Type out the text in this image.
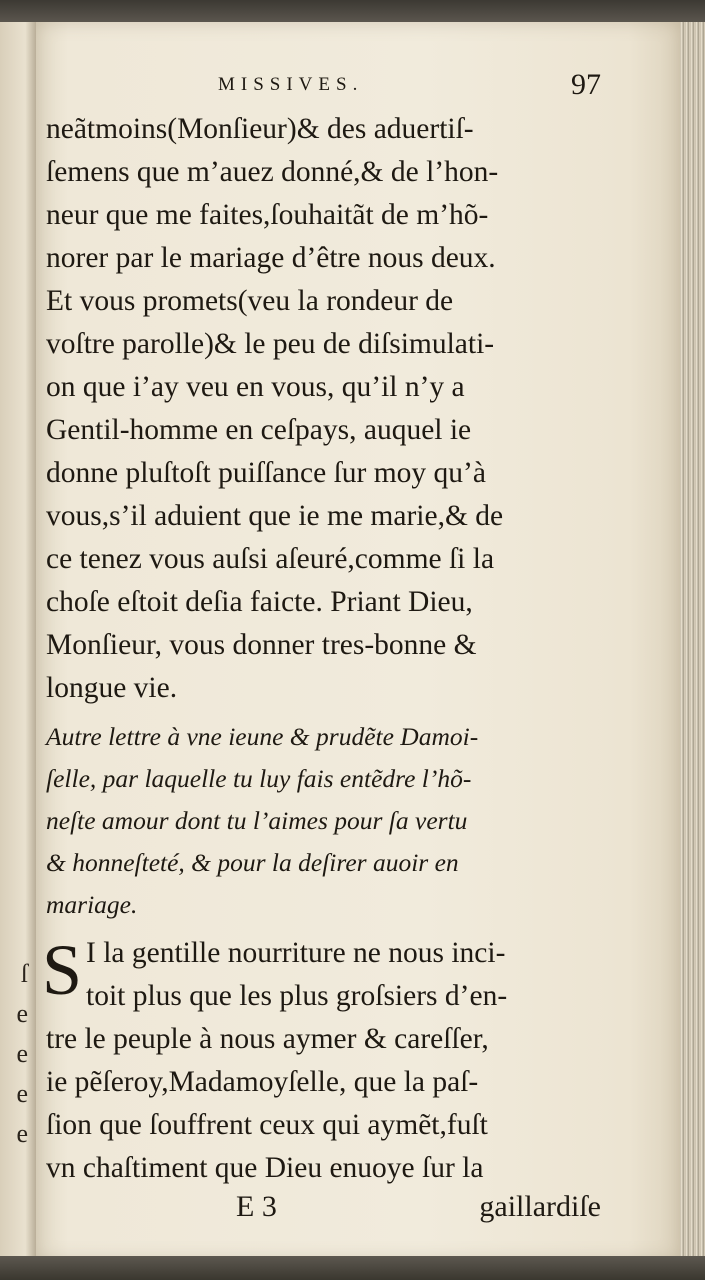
ſ
e
e
e
e
MISSIVES.	97
neãtmoins(Monſieur)& des aduertiſ-
ſemens que m’auez donné,& de l’hon-
neur que me faites,ſouhaitãt de m’hõ-
norer par le mariage d’être nous deux.
Et vous promets(veu la rondeur de
voſtre parolle)& le peu de diſsimulati-
on que i’ay veu en vous, qu’il n’y a
Gentil-homme en ceſpays, auquel ie
donne pluſtoſt puiſſance ſur moy qu’à
vous,s’il aduient que ie me marie,& de
ce tenez vous auſsi aſeuré,comme ſi la
choſe eſtoit deſia faicte. Priant Dieu,
Monſieur, vous donner tres-bonne &
longue vie.
Autre lettre à vne ieune & prudẽte Damoi-
ſelle, par laquelle tu luy fais entẽdre l’hõ-
neſte amour dont tu l’aimes pour ſa vertu
& honneſteté, & pour la deſirer auoir en
mariage.
S I la gentille nourriture ne nous inci-
toit plus que les plus groſsiers d’en-
tre le peuple à nous aymer & careſſer,
ie pẽſeroy,Madamoyſelle, que la paſ-
ſion que ſouffrent ceux qui aymẽt,fuſt
vn chaſtiment que Dieu enuoye ſur la
E 3	gaillardiſe
